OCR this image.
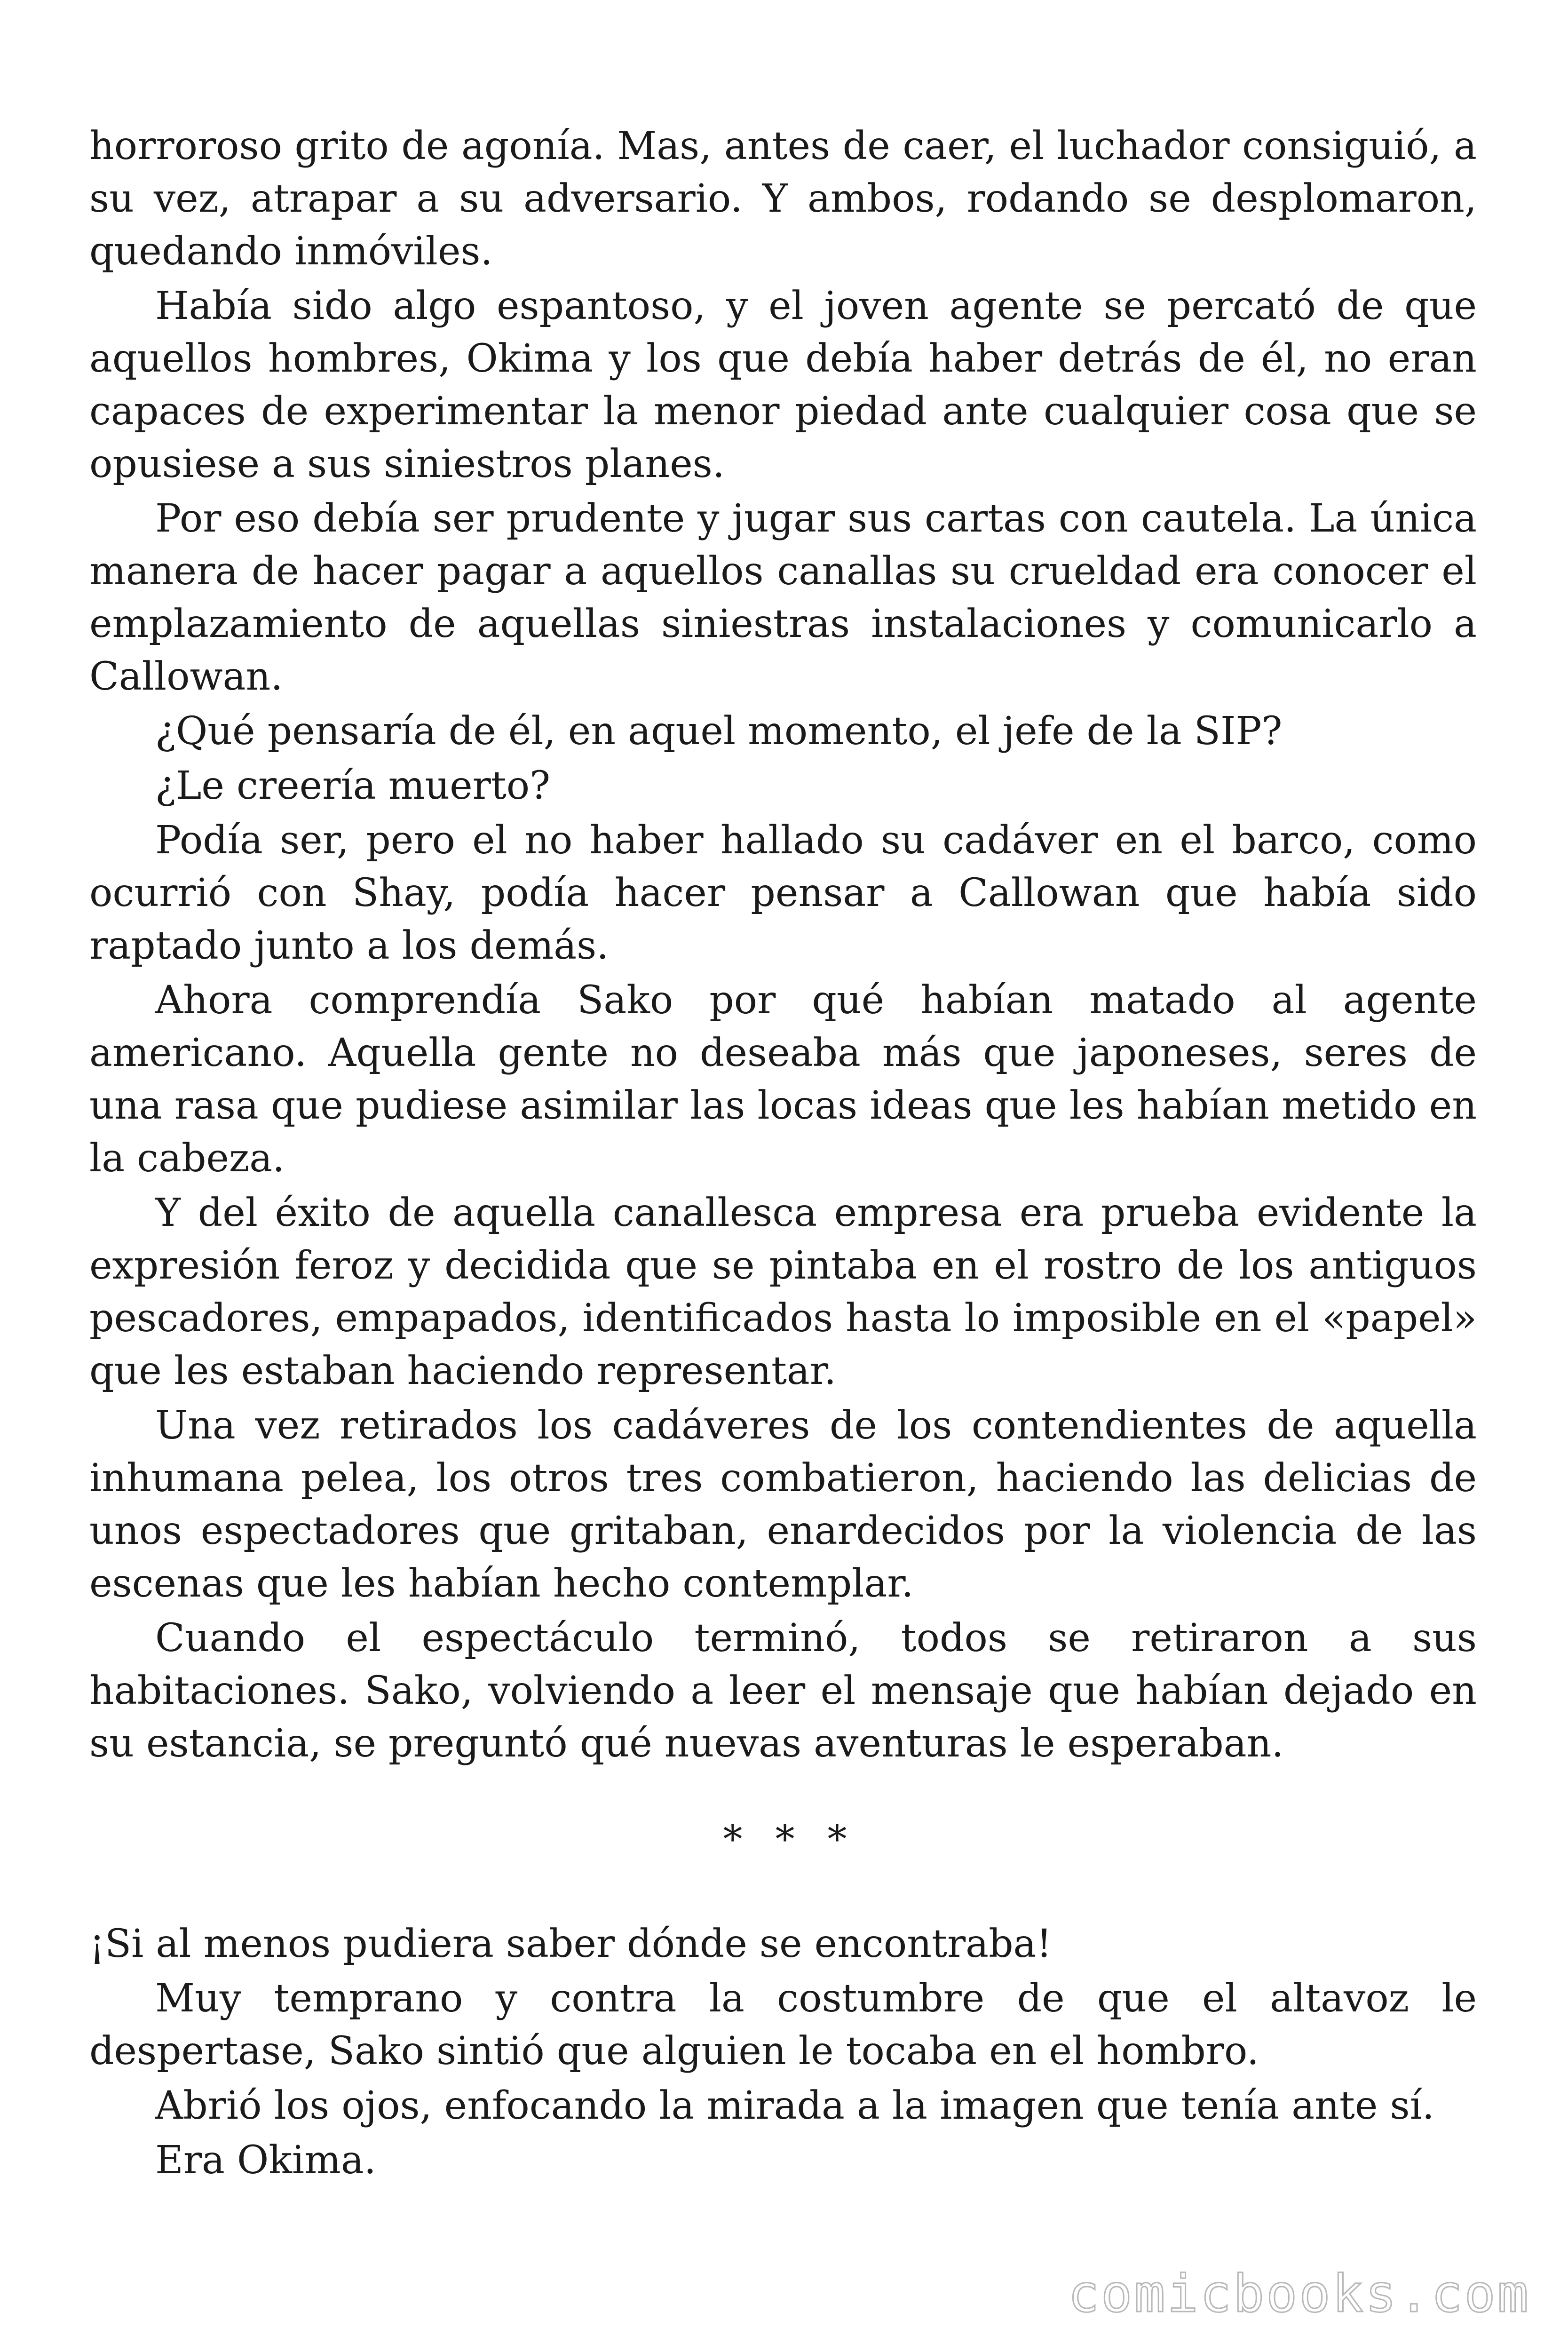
horroroso grito de agonía. Mas, antes de caer, el luchador consiguió, a su vez, atrapar a su adversario. Y ambos, rodando se desplomaron, quedando inmóviles.

Había sido algo espantoso, y el joven agente se percató de que aquellos hombres, Okima y los que debía haber detrás de él, no eran capaces de experimentar la menor piedad ante cualquier cosa que se opusiese a sus siniestros planes.

Por eso debía ser prudente y jugar sus cartas con cautela. La única manera de hacer pagar a aquellos canallas su crueldad era conocer el emplazamiento de aquellas siniestras instalaciones y comunicarlo a Callowan.

¿Qué pensaría de él, en aquel momento, el jefe de la SIP?

¿Le creería muerto?

Podía ser, pero el no haber hallado su cadáver en el barco, como ocurrió con Shay, podía hacer pensar a Callowan que había sido raptado junto a los demás.

Ahora comprendía Sako por qué habían matado al agente americano. Aquella gente no deseaba más que japoneses, seres de una rasa que pudiese asimilar las locas ideas que les habían metido en la cabeza.

Y del éxito de aquella canallesca empresa era prueba evidente la expresión feroz y decidida que se pintaba en el rostro de los antiguos pescadores, empapados, identificados hasta lo imposible en el «papel» que les estaban haciendo representar.

Una vez retirados los cadáveres de los contendientes de aquella inhumana pelea, los otros tres combatieron, haciendo las delicias de unos espectadores que gritaban, enardecidos por la violencia de las escenas que les habían hecho contemplar.

Cuando el espectáculo terminó, todos se retiraron a sus habitaciones. Sako, volviendo a leer el mensaje que habían dejado en su estancia, se preguntó qué nuevas aventuras le esperaban.

* * *

¡Si al menos pudiera saber dónde se encontraba!

Muy temprano y contra la costumbre de que el altavoz le despertase, Sako sintió que alguien le tocaba en el hombro.

Abrió los ojos, enfocando la mirada a la imagen que tenía ante sí.

Era Okima.

comicbooks.com
